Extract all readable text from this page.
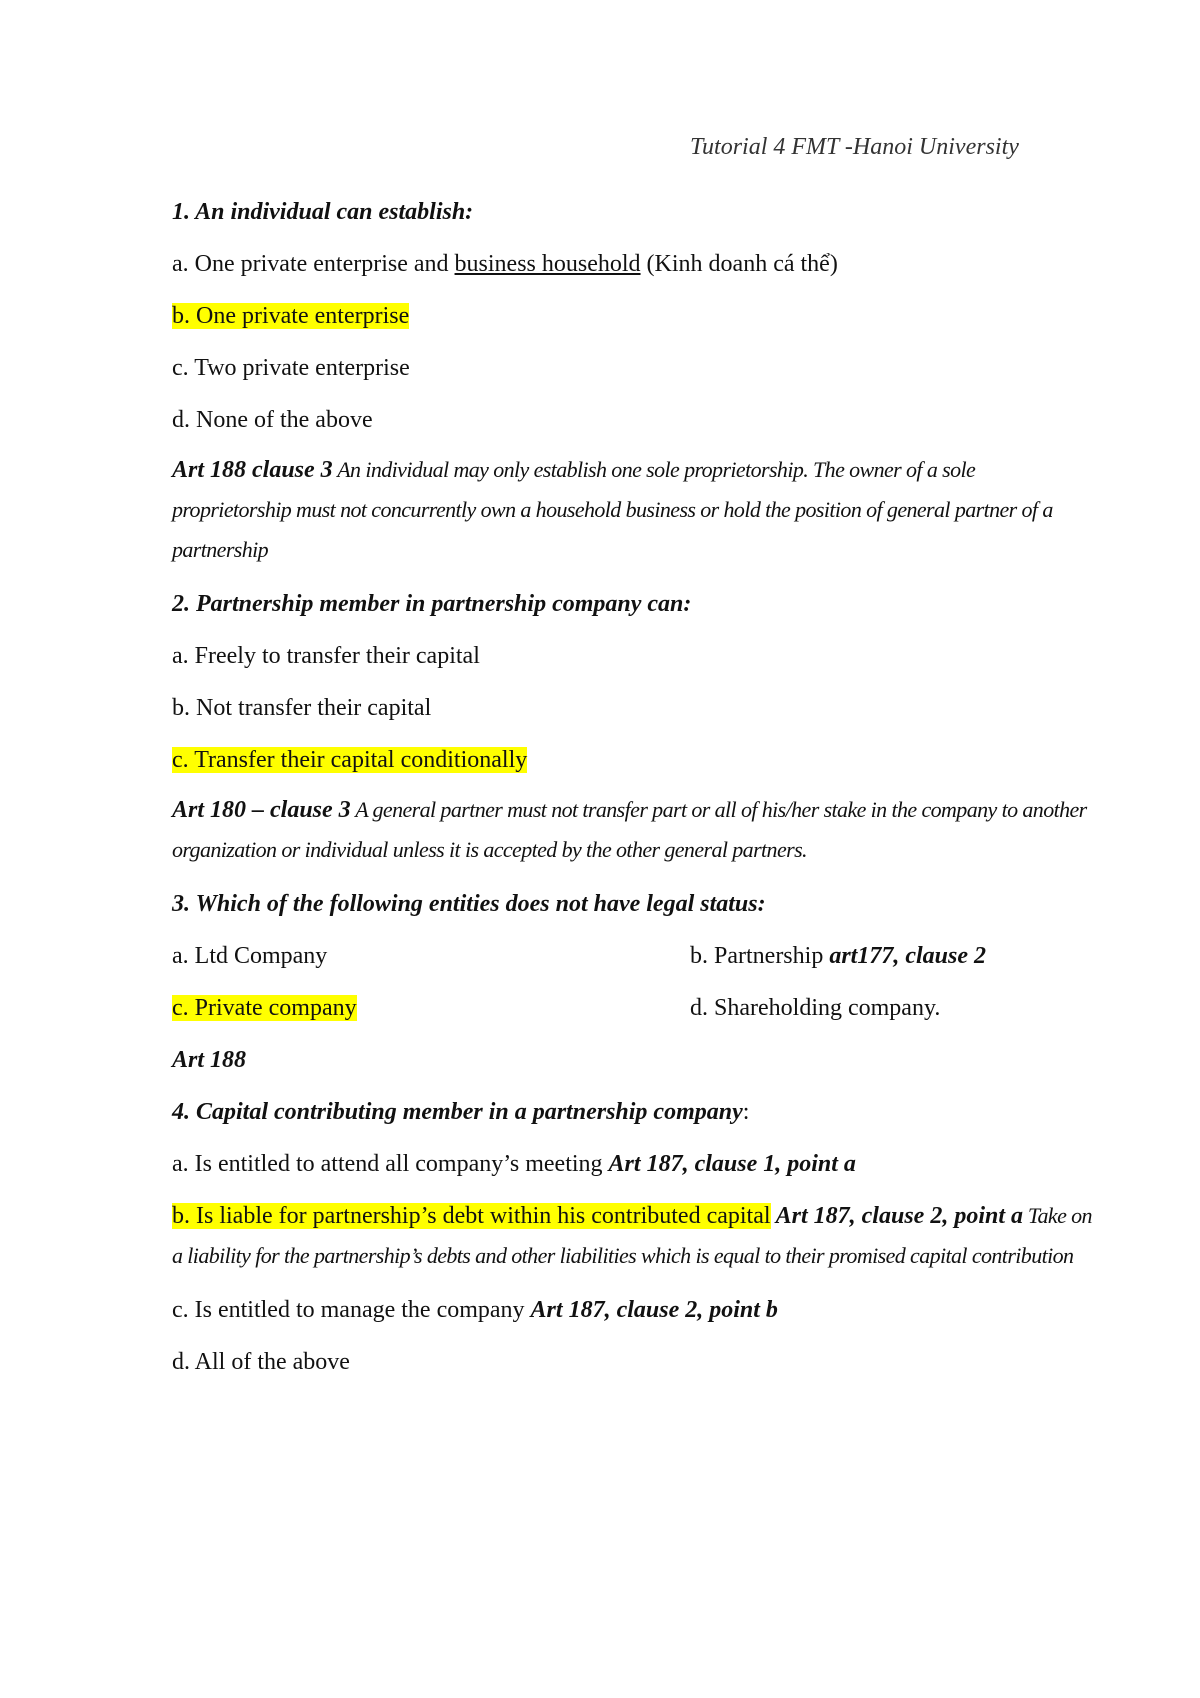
Tutorial 4 FMT -Hanoi University
1. An individual can establish:
a. One private enterprise and business household (Kinh doanh cá thể)
b. One private enterprise
c. Two private enterprise
d. None of the above
Art 188 clause 3 An individual may only establish one sole proprietorship. The owner of a sole proprietorship must not concurrently own a household business or hold the position of general partner of a partnership
2. Partnership member in partnership company can:
a. Freely to transfer their capital
b. Not transfer their capital
c. Transfer their capital conditionally
Art 180 – clause 3 A general partner must not transfer part or all of his/her stake in the company to another organization or individual unless it is accepted by the other general partners.
3. Which of the following entities does not have legal status:
a. Ltd Company	b. Partnership art177, clause 2
c. Private company	d. Shareholding company.
Art 188
4. Capital contributing member in a partnership company:
a. Is entitled to attend all company’s meeting Art 187, clause 1, point a
b. Is liable for partnership’s debt within his contributed capital Art 187, clause 2, point a Take on a liability for the partnership’s debts and other liabilities which is equal to their promised capital contribution
c. Is entitled to manage the company Art 187, clause 2, point b
d. All of the above
